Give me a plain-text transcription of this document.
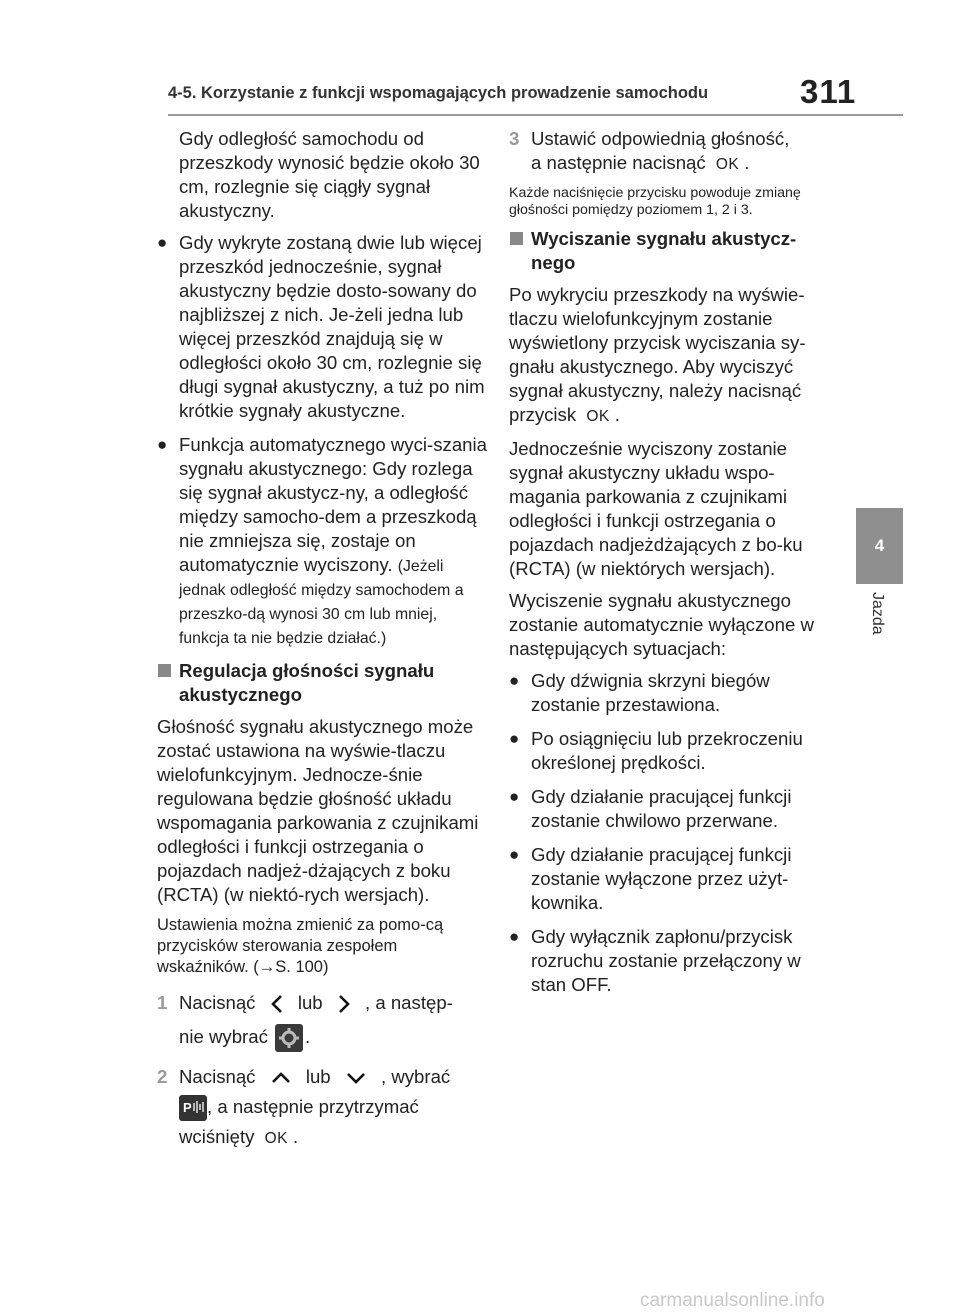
4-5. Korzystanie z funkcji wspomagających prowadzenie samochodu	311
4
Jazda

Gdy odległość samochodu od przeszkody wynosić będzie około 30 cm, rozlegnie się ciągły sygnał akustyczny.

● Gdy wykryte zostaną dwie lub więcej przeszkód jednocześnie, sygnał akustyczny będzie dosto-sowany do najbliższej z nich. Je-żeli jedna lub więcej przeszkód znajdują się w odległości około 30 cm, rozlegnie się długi sygnał akustyczny, a tuż po nim krótkie sygnały akustyczne.
● Funkcja automatycznego wyci-szania sygnału akustycznego: Gdy rozlega się sygnał akustycz-ny, a odległość między samocho-dem a przeszkodą nie zmniejsza się, zostaje on automatycznie wyciszony. (Jeżeli jednak odległość między samochodem a przeszko-dą wynosi 30 cm lub mniej, funkcja ta nie będzie działać.)
Regulacja głośności sygnału akustycznego

Głośność sygnału akustycznego może zostać ustawiona na wyświe-tlaczu wielofunkcyjnym. Jednocze-śnie regulowana będzie głośność układu wspomagania parkowania z czujnikami odległości i funkcji ostrzegania o pojazdach nadjeż-dżających z boku (RCTA) (w niektó-rych wersjach).

Ustawienia można zmienić za pomo-cą przycisków sterowania zespołem wskaźników. (→S. 100)

1 Nacisnąć lub , a następ-
nie wybrać .
2 Nacisnąć	lub	, wybrać

P , a następnie przytrzymać
wciśnięty OK .
3 Ustawić odpowiednią głośność,
a następnie nacisnąć OK .

Każde naciśnięcie przycisku powoduje zmianę głośności pomiędzy poziomem 1, 2 i 3.

Wyciszanie sygnału akustycz-nego

Po wykryciu przeszkody na wyświe-tlaczu wielofunkcyjnym zostanie wyświetlony przycisk wyciszania sy-gnału akustycznego. Aby wyciszyć sygnał akustyczny, należy nacisnąć przycisk OK .

Jednocześnie wyciszony zostanie sygnał akustyczny układu wspo-magania parkowania z czujnikami odległości i funkcji ostrzegania o pojazdach nadjeżdżających z bo-ku (RCTA) (w niektórych wersjach).

Wyciszenie sygnału akustycznego zostanie automatycznie wyłączone w następujących sytuacjach:

● Gdy dźwignia skrzyni biegów zostanie przestawiona.
● Po osiągnięciu lub przekroczeniu określonej prędkości.
● Gdy działanie pracującej funkcji zostanie chwilowo przerwane.
● Gdy działanie pracującej funkcji zostanie wyłączone przez użyt-kownika.
● Gdy wyłącznik zapłonu/przycisk rozruchu zostanie przełączony w stan OFF.
carmanualsonline.info
